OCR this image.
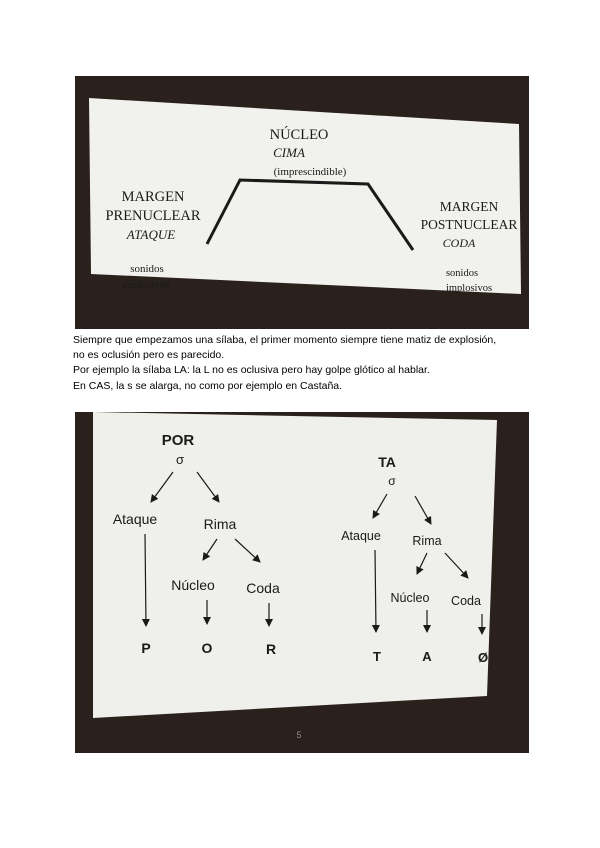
NÚCLEO
CIMA
(imprescindible)
MARGEN
PRENUCLEAR
ATAQUE
MARGEN
POSTNUCLEAR
CODA
sonidos
explosivos
sonidos
implosivos

Siempre que empezamos una sílaba, el primer momento siempre tiene matiz de explosión,

no es oclusión pero es parecido.

Por ejemplo la sílaba LA: la L no es oclusiva pero hay golpe glótico al hablar.

En CAS, la s se alarga, no como por ejemplo en Castaña.

POR
σ
Ataque	Rima
Núcleo Coda
P	O	R
TA
σ
Ataque	Rima
Núcleo Coda
T	A	Ø
5
